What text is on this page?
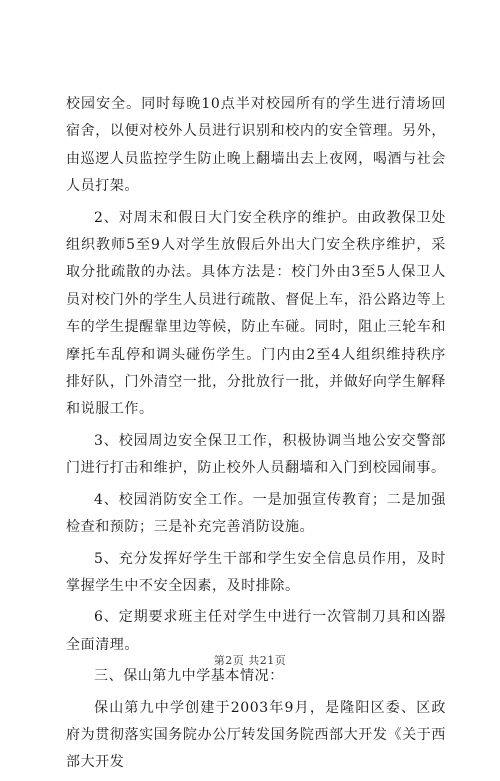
校园安全。同时每晚10点半对校园所有的学生进行清场回宿舍，以便对校外人员进行识别和校内的安全管理。另外，由巡逻人员监控学生防止晚上翻墙出去上夜网，喝酒与社会人员打架。

2、对周末和假日大门安全秩序的维护。由政教保卫处组织教师5至9人对学生放假后外出大门安全秩序维护，采取分批疏散的办法。具体方法是：校门外由3至5人保卫人员对校门外的学生人员进行疏散、督促上车，沿公路边等上车的学生提醒靠里边等候，防止车碰。同时，阻止三轮车和摩托车乱停和调头碰伤学生。门内由2至4人组织维持秩序排好队，门外清空一批，分批放行一批，并做好向学生解释和说服工作。

3、校园周边安全保卫工作，积极协调当地公安交警部门进行打击和维护，防止校外人员翻墙和入门到校园闹事。

4、校园消防安全工作。一是加强宣传教育；二是加强检查和预防；三是补充完善消防设施。

5、充分发挥好学生干部和学生安全信息员作用，及时掌握学生中不安全因素，及时排除。

6、定期要求班主任对学生中进行一次管制刀具和凶器全面清理。

三、保山第九中学基本情况：

保山第九中学创建于2003年9月，是隆阳区委、区政府为贯彻落实国务院办公厅转发国务院西部大开发《关于西部大开发

第2页 共21页
